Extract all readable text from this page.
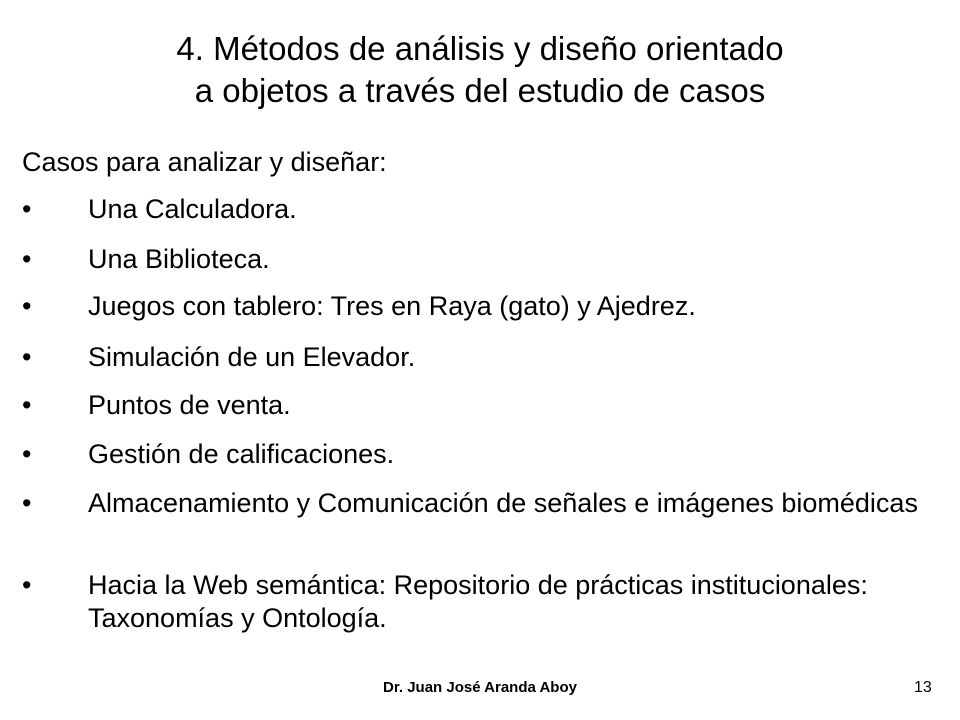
4. Métodos de análisis y diseño orientado
a objetos a través del estudio de casos
Casos para analizar y diseñar:
•	Una Calculadora.
•	Una Biblioteca.
•	Juegos con tablero: Tres en Raya (gato) y Ajedrez.
•	Simulación de un Elevador.
•	Puntos de venta.
•	Gestión de calificaciones.
•	Almacenamiento y Comunicación de señales e imágenes biomédicas
•	Hacia la Web semántica: Repositorio de prácticas institucionales: Taxonomías y Ontología.
Dr. Juan José Aranda Aboy	13
